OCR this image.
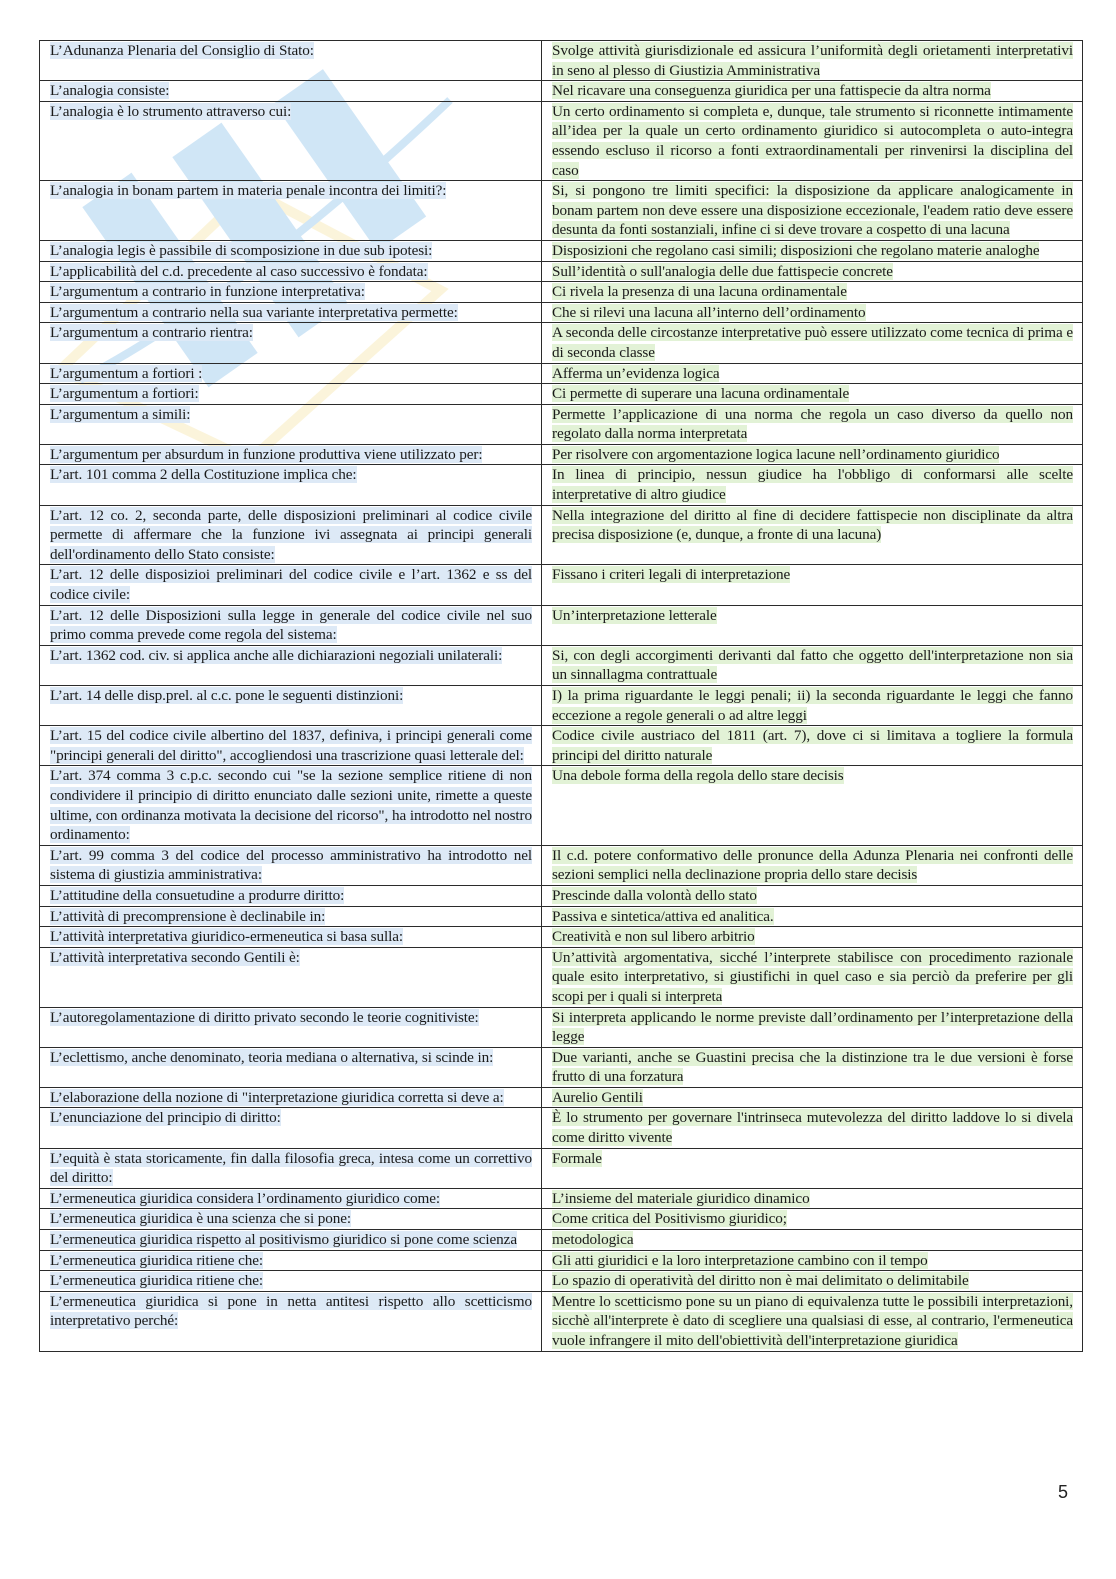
L’Adunanza Plenaria del Consiglio di Stato:	Svolge attività giurisdizionale ed assicura l’uniformità degli orietamenti interpretativi in seno al plesso di Giustizia Amministrativa
L’analogia consiste:	Nel ricavare una conseguenza giuridica per una fattispecie da altra norma
L’analogia è lo strumento attraverso cui:	Un certo ordinamento si completa e, dunque, tale strumento si riconnette intimamente all’idea per la quale un certo ordinamento giuridico si autocompleta o auto-integra essendo escluso il ricorso a fonti extraordinamentali per rinvenirsi la disciplina del caso
L’analogia in bonam partem in materia penale incontra dei limiti?:	Si, si pongono tre limiti specifici: la disposizione da applicare analogicamente in bonam partem non deve essere una disposizione eccezionale, l'eadem ratio deve essere desunta da fonti sostanziali, infine ci si deve trovare a cospetto di una lacuna
L’analogia legis è passibile di scomposizione in due sub ipotesi:	Disposizioni che regolano casi simili; disposizioni che regolano materie analoghe
L’applicabilità del c.d. precedente al caso successivo è fondata:	Sull’identità o sull'analogia delle due fattispecie concrete
L’argumentum a contrario in funzione interpretativa:	Ci rivela la presenza di una lacuna ordinamentale
L’argumentum a contrario nella sua variante interpretativa permette:	Che si rilevi una lacuna all’interno dell’ordinamento
L’argumentum a contrario rientra:	A seconda delle circostanze interpretative può essere utilizzato come tecnica di prima e di seconda classe
L’argumentum a fortiori :	Afferma un’evidenza logica
L’argumentum a fortiori:	Ci permette di superare una lacuna ordinamentale
L’argumentum a simili:	Permette l’applicazione di una norma che regola un caso diverso da quello non regolato dalla norma interpretata
L’argumentum per absurdum in funzione produttiva viene utilizzato per:	Per risolvere con argomentazione logica lacune nell’ordinamento giuridico
L’art. 101 comma 2 della Costituzione implica che:	In linea di principio, nessun giudice ha l'obbligo di conformarsi alle scelte interpretative di altro giudice
L’art. 12 co. 2, seconda parte, delle disposizioni preliminari al codice civile permette di affermare che la funzione ivi assegnata ai principi generali dell'ordinamento dello Stato consiste:	Nella integrazione del diritto al fine di decidere fattispecie non disciplinate da altra precisa disposizione (e, dunque, a fronte di una lacuna)
L’art. 12 delle disposizioi preliminari del codice civile e l’art. 1362 e ss del codice civile:	Fissano i criteri legali di interpretazione
L’art. 12 delle Disposizioni sulla legge in generale del codice civile nel suo primo comma prevede come regola del sistema:	Un’interpretazione letterale
L’art. 1362 cod. civ. si applica anche alle dichiarazioni negoziali unilaterali:	Si, con degli accorgimenti derivanti dal fatto che oggetto dell'interpretazione non sia un sinnallagma contrattuale
L’art. 14 delle disp.prel. al c.c. pone le seguenti distinzioni:	I) la prima riguardante le leggi penali; ii) la seconda riguardante le leggi che fanno eccezione a regole generali o ad altre leggi
L’art. 15 del codice civile albertino del 1837, definiva, i principi generali come "principi generali del diritto", accogliendosi una trascrizione quasi letterale del:	Codice civile austriaco del 1811 (art. 7), dove ci si limitava a togliere la formula principi del diritto naturale
L’art. 374 comma 3 c.p.c. secondo cui "se la sezione semplice ritiene di non condividere il principio di diritto enunciato dalle sezioni unite, rimette a queste ultime, con ordinanza motivata la decisione del ricorso", ha introdotto nel nostro ordinamento:	Una debole forma della regola dello stare decisis
L’art. 99 comma 3 del codice del processo amministrativo ha introdotto nel sistema di giustizia amministrativa:	Il c.d. potere conformativo delle pronunce della Adunza Plenaria nei confronti delle sezioni semplici nella declinazione propria dello stare decisis
L’attitudine della consuetudine a produrre diritto:	Prescinde dalla volontà dello stato
L’attività di precomprensione è declinabile in:	Passiva e sintetica/attiva ed analitica.
L’attività interpretativa giuridico-ermeneutica si basa sulla:	Creatività e non sul libero arbitrio
L’attività interpretativa secondo Gentili è:	Un’attività argomentativa, sicché l’interprete stabilisce con procedimento razionale quale esito interpretativo, si giustifichi in quel caso e sia perciò da preferire per gli scopi per i quali si interpreta
L’autoregolamentazione di diritto privato secondo le teorie cognitiviste:	Si interpreta applicando le norme previste dall’ordinamento per l’interpretazione della legge
L’eclettismo, anche denominato, teoria mediana o alternativa, si scinde in:	Due varianti, anche se Guastini precisa che la distinzione tra le due versioni è forse frutto di una forzatura
L’elaborazione della nozione di "interpretazione giuridica corretta si deve a:	Aurelio Gentili
L’enunciazione del principio di diritto:	È lo strumento per governare l'intrinseca mutevolezza del diritto laddove lo si divela come diritto vivente
L’equità è stata storicamente, fin dalla filosofia greca, intesa come un correttivo del diritto:	Formale
L’ermeneutica giuridica considera l’ordinamento giuridico come:	L’insieme del materiale giuridico dinamico
L’ermeneutica giuridica è una scienza che si pone:	Come critica del Positivismo giuridico;
L’ermeneutica giuridica rispetto al positivismo giuridico si pone come scienza	metodologica
L’ermeneutica giuridica ritiene che:	Gli atti giuridici e la loro interpretazione cambino con il tempo
L’ermeneutica giuridica ritiene che:	Lo spazio di operatività del diritto non è mai delimitato o delimitabile
L’ermeneutica giuridica si pone in netta antitesi rispetto allo scetticismo interpretativo perché:	Mentre lo scetticismo pone su un piano di equivalenza tutte le possibili interpretazioni, sicchè all'interprete è dato di scegliere una qualsiasi di esse, al contrario, l'ermeneutica vuole infrangere il mito dell'obiettività dell'interpretazione giuridica
5
